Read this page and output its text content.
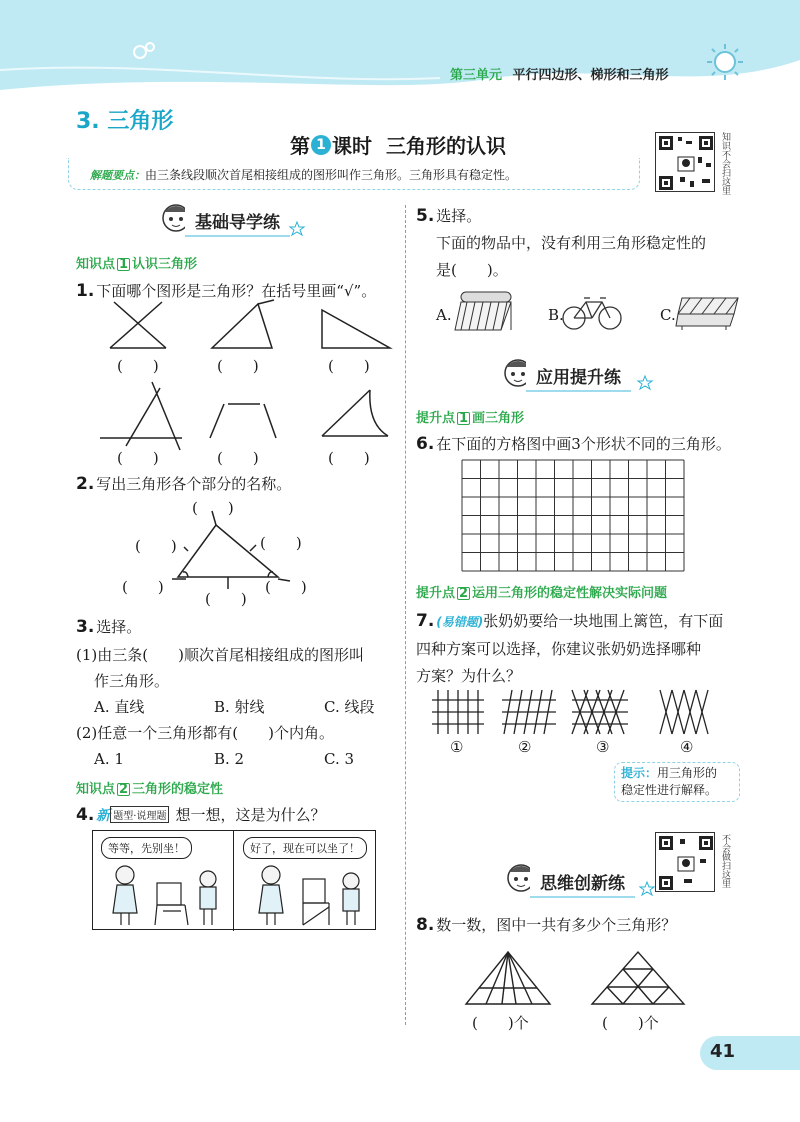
第三单元 平行四边形、梯形和三角形
3. 三角形
第 1 课时 三角形的认识	知识不会扫这里
解题要点：由三条线段顺次首尾相接组成的图形叫作三角形。三角形具有稳定性。
基础导学练
知识点 1 认识三角形
1. 下面哪个图形是三角形？在括号里画“√”。
(　　)	(　　)	(　　)
(　　)	(　　)	(　　)
2. 写出三角形各个部分的名称。
(　　)
(　　)	(　　)
(　　)	(　　)
(　　)
3. 选择。
(1)由三条(　　)顺次首尾相接组成的图形叫
作三角形。
A. 直线	B. 射线	C. 线段
(2)任意一个三角形都有(　　)个内角。
A. 1	B. 2	C. 3
知识点 2 三角形的稳定性
4. 新 题型·说理题 想一想，这是为什么？
等等，先别坐！	好了，现在可以坐了！
5. 选择。
下面的物品中，没有利用三角形稳定性的
是(　　)。
A.	B.	C.
应用提升练
提升点 1 画三角形
6. 在下面的方格图中画3个形状不同的三角形。
提升点 2 运用三角形的稳定性解决实际问题
7. (易错题)张奶奶要给一块地围上篱笆，有下面
四种方案可以选择，你建议张奶奶选择哪种
方案？为什么？
①	②	③	④
提示：用三角形的
稳定性进行解释。
不会做扫这里
思维创新练
8. 数一数，图中一共有多少个三角形？
(　　)个	(　　)个
41
